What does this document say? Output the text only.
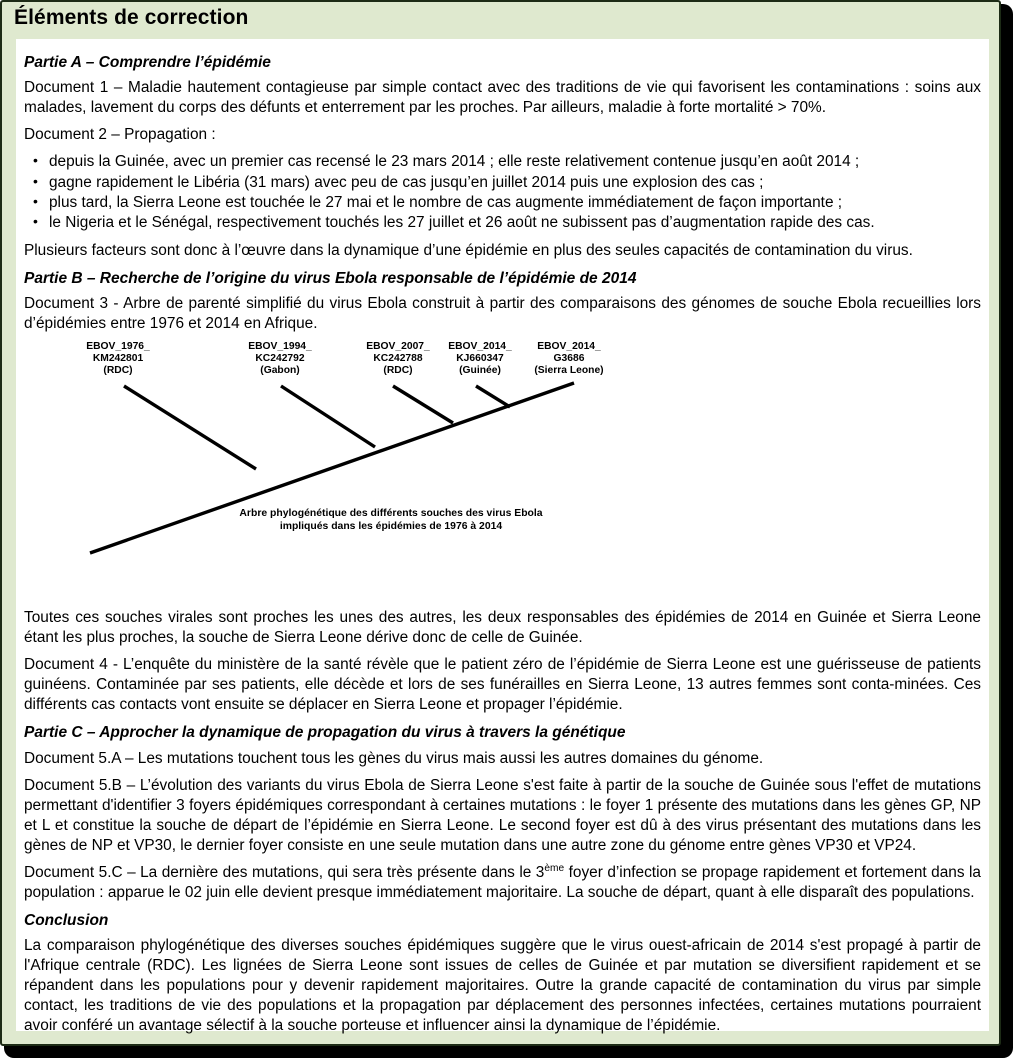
Éléments de correction
Partie A – Comprendre l’épidémie

Document 1 – Maladie hautement contagieuse par simple contact avec des traditions de vie qui favorisent les contaminations : soins aux malades, lavement du corps des défunts et enterrement par les proches. Par ailleurs, maladie à forte mortalité > 70%.

Document 2 – Propagation :

• depuis la Guinée, avec un premier cas recensé le 23 mars 2014 ; elle reste relativement contenue jusqu’en août 2014 ;
• gagne rapidement le Libéria (31 mars) avec peu de cas jusqu’en juillet 2014 puis une explosion des cas ;
• plus tard, la Sierra Leone est touchée le 27 mai et le nombre de cas augmente immédiatement de façon importante ;
• le Nigeria et le Sénégal, respectivement touchés les 27 juillet et 26 août ne subissent pas d’augmentation rapide des cas.

Plusieurs facteurs sont donc à l’œuvre dans la dynamique d’une épidémie en plus des seules capacités de contamination du virus.

Partie B – Recherche de l’origine du virus Ebola responsable de l’épidémie de 2014

Document 3 - Arbre de parenté simplifié du virus Ebola construit à partir des comparaisons des génomes de souche Ebola recueillies lors d’épidémies entre 1976 et 2014 en Afrique.

EBOV_1976_
KM242801
(RDC)
EBOV_1994_
KC242792
(Gabon)
EBOV_2007_
KC242788
(RDC)
EBOV_2014_
KJ660347
(Guinée)
EBOV_2014_
G3686
(Sierra Leone)
Arbre phylogénétique des différents souches des virus Ebola
impliqués dans les épidémies de 1976 à 2014

Toutes ces souches virales sont proches les unes des autres, les deux responsables des épidémies de 2014 en Guinée et Sierra Leone étant les plus proches, la souche de Sierra Leone dérive donc de celle de Guinée.

Document 4 - L’enquête du ministère de la santé révèle que le patient zéro de l’épidémie de Sierra Leone est une guérisseuse de patients guinéens. Contaminée par ses patients, elle décède et lors de ses funérailles en Sierra Leone, 13 autres femmes sont conta-minées. Ces différents cas contacts vont ensuite se déplacer en Sierra Leone et propager l’épidémie.

Partie C – Approcher la dynamique de propagation du virus à travers la génétique

Document 5.A – Les mutations touchent tous les gènes du virus mais aussi les autres domaines du génome.

Document 5.B – L’évolution des variants du virus Ebola de Sierra Leone s'est faite à partir de la souche de Guinée sous l'effet de mutations permettant d'identifier 3 foyers épidémiques correspondant à certaines mutations : le foyer 1 présente des mutations dans les gènes GP, NP et L et constitue la souche de départ de l’épidémie en Sierra Leone. Le second foyer est dû à des virus présentant des mutations dans les gènes de NP et VP30, le dernier foyer consiste en une seule mutation dans une autre zone du génome entre gènes VP30 et VP24.

Document 5.C – La dernière des mutations, qui sera très présente dans le 3ème foyer d’infection se propage rapidement et fortement dans la population : apparue le 02 juin elle devient presque immédiatement majoritaire. La souche de départ, quant à elle disparaît des populations.

Conclusion

La comparaison phylogénétique des diverses souches épidémiques suggère que le virus ouest-africain de 2014 s'est propagé à partir de l'Afrique centrale (RDC). Les lignées de Sierra Leone sont issues de celles de Guinée et par mutation se diversifient rapidement et se répandent dans les populations pour y devenir rapidement majoritaires. Outre la grande capacité de contamination du virus par simple contact, les traditions de vie des populations et la propagation par déplacement des personnes infectées, certaines mutations pourraient avoir conféré un avantage sélectif à la souche porteuse et influencer ainsi la dynamique de l’épidémie.
